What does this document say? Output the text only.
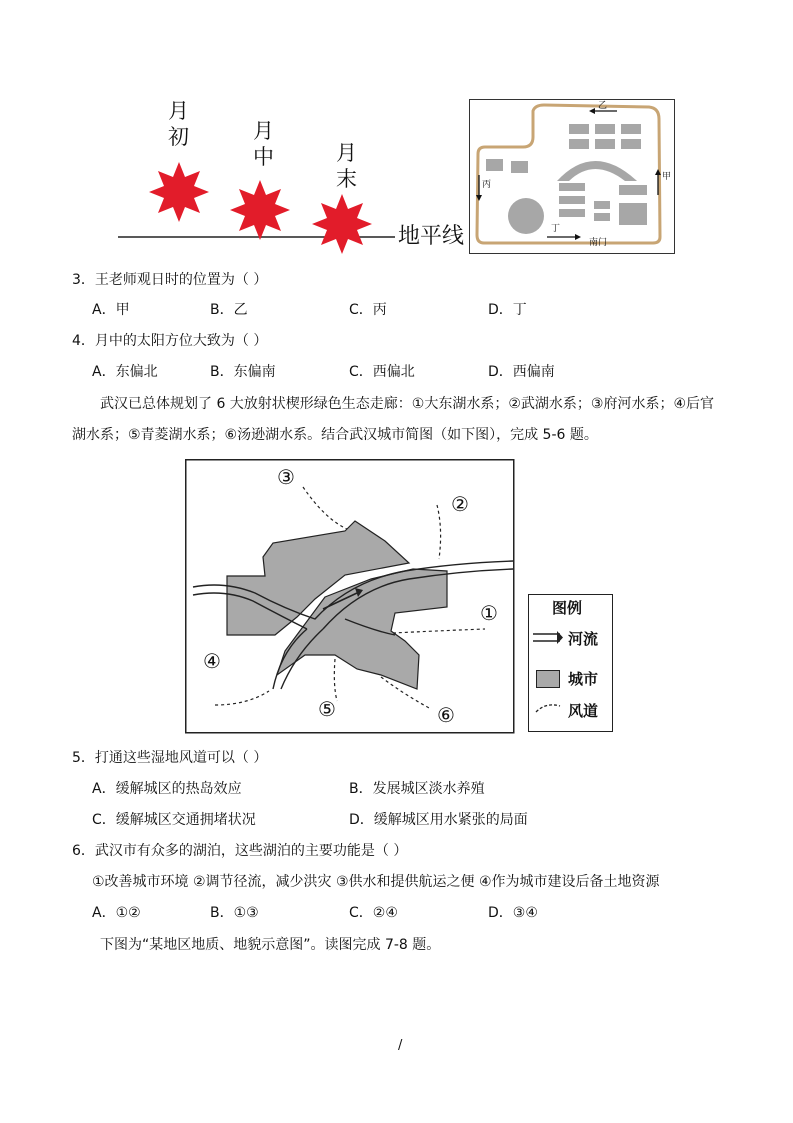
月
初	月
中	月
末
地平线
乙
甲
丙
丁
南门
3．王老师观日时的位置为（ ）
A．甲	B．乙	C．丙	D．丁
4．月中的太阳方位大致为（ ）
A．东偏北	B．东偏南	C．西偏北	D．西偏南
武汉已总体规划了 6 大放射状楔形绿色生态走廊：①大东湖水系；②武湖水系；③府河水系；④后官
湖水系；⑤青菱湖水系；⑥汤逊湖水系。结合武汉城市简图（如下图），完成 5-6 题。
③
②
①
④
⑤	⑥
图例
河流
城市
风道
5．打通这些湿地风道可以（ ）
A．缓解城区的热岛效应	B．发展城区淡水养殖
C．缓解城区交通拥堵状况	D．缓解城区用水紧张的局面
6．武汉市有众多的湖泊，这些湖泊的主要功能是（ ）
①改善城市环境 ②调节径流，减少洪灾 ③供水和提供航运之便 ④作为城市建设后备土地资源
A．①②	B．①③	C．②④	D．③④
下图为“某地区地质、地貌示意图”。读图完成 7-8 题。
/
